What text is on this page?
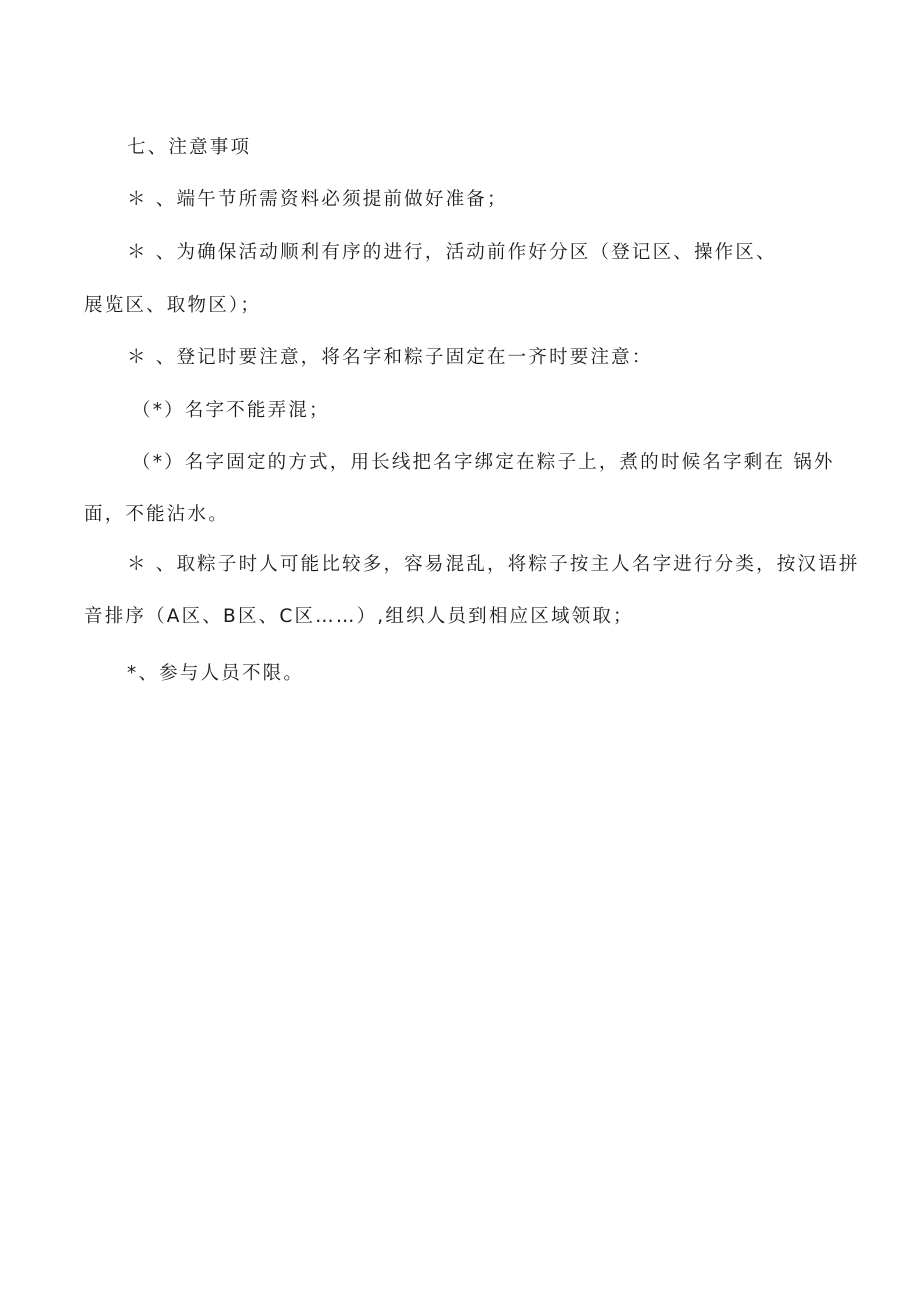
七、注意事项

＊ 、端午节所需资料必须提前做好准备；

＊ 、为确保活动顺利有序的进行，活动前作好分区（登记区、操作区、

展览区、取物区）；

＊ 、登记时要注意，将名字和粽子固定在一齐时要注意：

（*）名字不能弄混；

（*）名字固定的方式，用长线把名字绑定在粽子上，煮的时候名字剩在 锅外

面，不能沾水。

＊ 、取粽子时人可能比较多，容易混乱，将粽子按主人名字进行分类，按汉语拼

音排序（A区、B区、C区……）,组织人员到相应区域领取；

*、参与人员不限。
